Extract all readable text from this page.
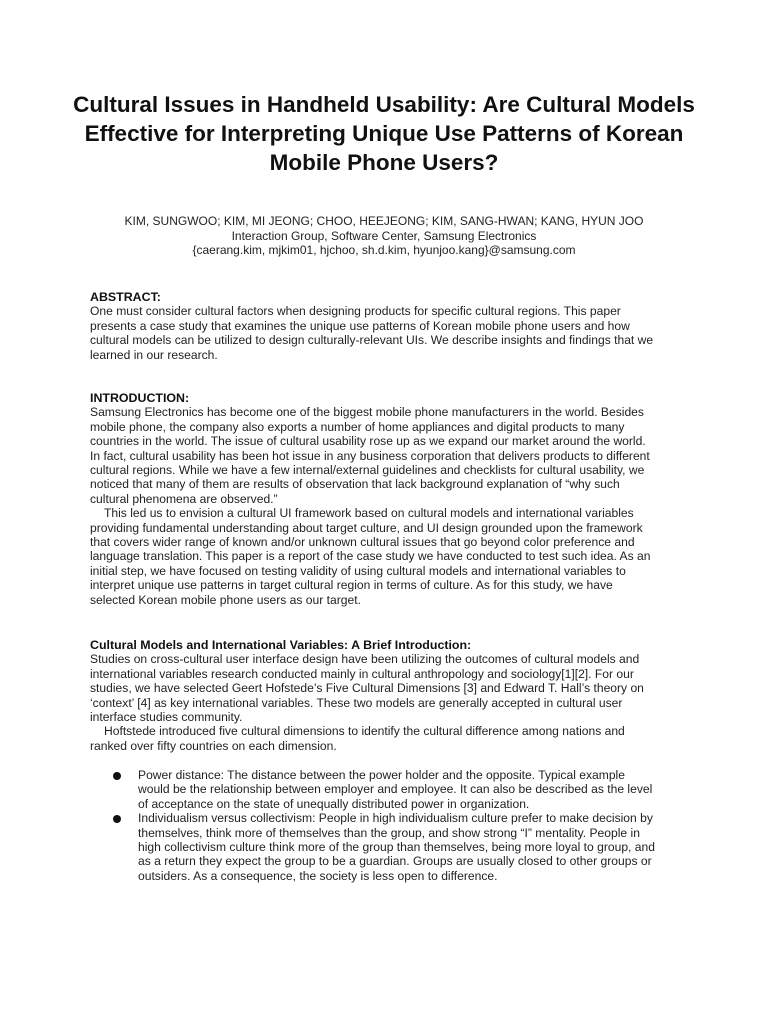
Cultural Issues in Handheld Usability: Are Cultural Models Effective for Interpreting Unique Use Patterns of Korean Mobile Phone Users?
KIM, SUNGWOO; KIM, MI JEONG; CHOO, HEEJEONG; KIM, SANG-HWAN; KANG, HYUN JOO
Interaction Group, Software Center, Samsung Electronics
{caerang.kim, mjkim01, hjchoo, sh.d.kim, hyunjoo.kang}@samsung.com
ABSTRACT:

One must consider cultural factors when designing products for specific cultural regions. This paper
presents a case study that examines the unique use patterns of Korean mobile phone users and how
cultural models can be utilized to design culturally-relevant UIs. We describe insights and findings that we
learned in our research.

INTRODUCTION:

Samsung Electronics has become one of the biggest mobile phone manufacturers in the world. Besides
mobile phone, the company also exports a number of home appliances and digital products to many
countries in the world. The issue of cultural usability rose up as we expand our market around the world.
In fact, cultural usability has been hot issue in any business corporation that delivers products to different
cultural regions. While we have a few internal/external guidelines and checklists for cultural usability, we
noticed that many of them are results of observation that lack background explanation of “why such
cultural phenomena are observed.”

This led us to envision a cultural UI framework based on cultural models and international variables
providing fundamental understanding about target culture, and UI design grounded upon the framework
that covers wider range of known and/or unknown cultural issues that go beyond color preference and
language translation. This paper is a report of the case study we have conducted to test such idea. As an
initial step, we have focused on testing validity of using cultural models and international variables to
interpret unique use patterns in target cultural region in terms of culture. As for this study, we have
selected Korean mobile phone users as our target.

Cultural Models and International Variables: A Brief Introduction:

Studies on cross-cultural user interface design have been utilizing the outcomes of cultural models and
international variables research conducted mainly in cultural anthropology and sociology[1][2]. For our
studies, we have selected Geert Hofstede’s Five Cultural Dimensions [3] and Edward T. Hall’s theory on
‘context’ [4] as key international variables. These two models are generally accepted in cultural user
interface studies community.

Hoftstede introduced five cultural dimensions to identify the cultural difference among nations and
ranked over fifty countries on each dimension.

Power distance: The distance between the power holder and the opposite. Typical example
would be the relationship between employer and employee. It can also be described as the level
of acceptance on the state of unequally distributed power in organization.
Individualism versus collectivism: People in high individualism culture prefer to make decision by
themselves, think more of themselves than the group, and show strong “I” mentality. People in
high collectivism culture think more of the group than themselves, being more loyal to group, and
as a return they expect the group to be a guardian. Groups are usually closed to other groups or
outsiders. As a consequence, the society is less open to difference.
